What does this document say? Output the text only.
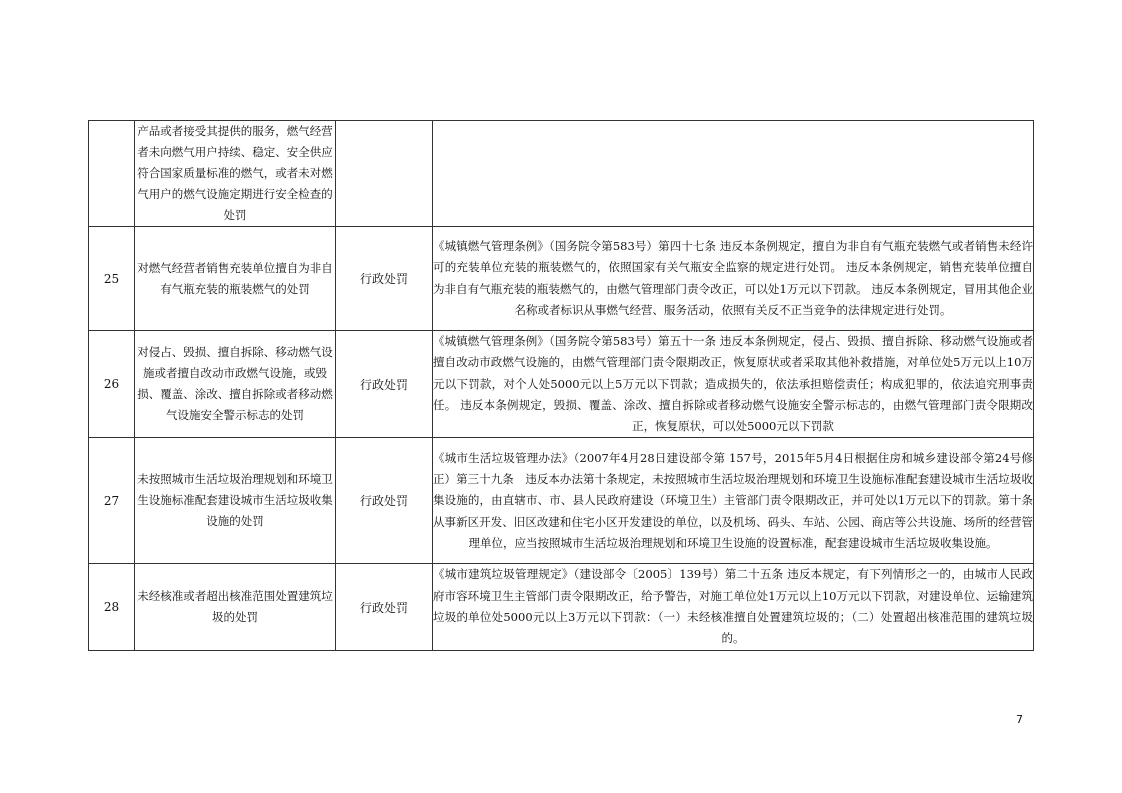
	产品或者接受其提供的服务，燃气经营者未向燃气用户持续、稳定、安全供应符合国家质量标准的燃气，或者未对燃气用户的燃气设施定期进行安全检查的处罚		
25	对燃气经营者销售充装单位擅自为非自有气瓶充装的瓶装燃气的处罚	行政处罚	《城镇燃气管理条例》（国务院令第583号）第四十七条 违反本条例规定，擅自为非自有气瓶充装燃气或者销售未经许可的充装单位充装的瓶装燃气的，依照国家有关气瓶安全监察的规定进行处罚。 违反本条例规定，销售充装单位擅自为非自有气瓶充装的瓶装燃气的，由燃气管理部门责令改正，可以处1万元以下罚款。 违反本条例规定，冒用其他企业名称或者标识从事燃气经营、服务活动，依照有关反不正当竞争的法律规定进行处罚。
26	对侵占、毁损、擅自拆除、移动燃气设施或者擅自改动市政燃气设施，或毁损、覆盖、涂改、擅自拆除或者移动燃气设施安全警示标志的处罚	行政处罚	《城镇燃气管理条例》（国务院令第583号）第五十一条 违反本条例规定，侵占、毁损、擅自拆除、移动燃气设施或者擅自改动市政燃气设施的，由燃气管理部门责令限期改正，恢复原状或者采取其他补救措施，对单位处5万元以上10万元以下罚款，对个人处5000元以上5万元以下罚款；造成损失的，依法承担赔偿责任；构成犯罪的，依法追究刑事责任。 违反本条例规定，毁损、覆盖、涂改、擅自拆除或者移动燃气设施安全警示标志的，由燃气管理部门责令限期改正，恢复原状，可以处5000元以下罚款
27	未按照城市生活垃圾治理规划和环境卫生设施标准配套建设城市生活垃圾收集设施的处罚	行政处罚	《城市生活垃圾管理办法》（2007年4月28日建设部令第 157号，2015年5月4日根据住房和城乡建设部令第24号修正）第三十九条　违反本办法第十条规定，未按照城市生活垃圾治理规划和环境卫生设施标准配套建设城市生活垃圾收集设施的，由直辖市、市、县人民政府建设（环境卫生）主管部门责令限期改正，并可处以1万元以下的罚款。第十条　从事新区开发、旧区改建和住宅小区开发建设的单位，以及机场、码头、车站、公园、商店等公共设施、场所的经营管理单位，应当按照城市生活垃圾治理规划和环境卫生设施的设置标准，配套建设城市生活垃圾收集设施。
28	未经核准或者超出核准范围处置建筑垃圾的处罚	行政处罚	《城市建筑垃圾管理规定》（建设部令〔2005〕139号）第二十五条 违反本规定，有下列情形之一的，由城市人民政府市容环境卫生主管部门责令限期改正，给予警告，对施工单位处1万元以上10万元以下罚款，对建设单位、运输建筑垃圾的单位处5000元以上3万元以下罚款：（一）未经核准擅自处置建筑垃圾的；（二）处置超出核准范围的建筑垃圾的。
7
